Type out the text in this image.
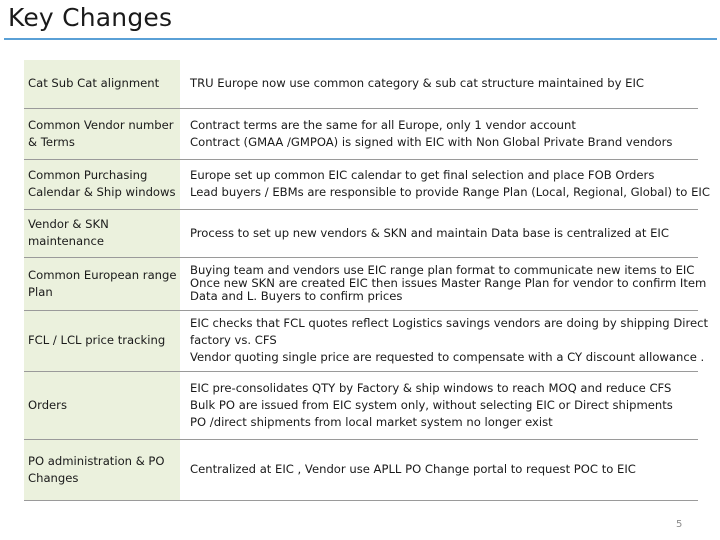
Key Changes
Cat Sub Cat alignment	TRU Europe now use common category & sub cat structure maintained by EIC

Common Vendor number & Terms	Contract terms are the same for all Europe, only 1 vendor account
Contract (GMAA /GMPOA) is signed with EIC with Non Global Private Brand vendors

Common Purchasing Calendar & Ship windows	Europe set up common EIC calendar to get final selection and place FOB Orders
Lead buyers / EBMs are responsible to provide Range Plan (Local, Regional, Global) to EIC

Vendor & SKN maintenance	Process to set up new vendors & SKN and maintain Data base is centralized at EIC

Common European range Plan	Buying team and vendors use EIC range plan format to communicate new items to EIC
Once new SKN are created EIC then issues Master Range Plan for vendor to confirm Item
Data and L. Buyers to confirm prices

FCL / LCL price tracking	EIC checks that FCL quotes reflect Logistics savings vendors are doing by shipping Direct
factory vs. CFS
Vendor quoting single price are requested to compensate with a CY discount allowance .

Orders	EIC pre-consolidates QTY by Factory & ship windows to reach MOQ and reduce CFS
Bulk PO are issued from EIC system only, without selecting EIC or Direct shipments
PO /direct shipments from local market system no longer exist

PO administration & PO Changes	Centralized at EIC , Vendor use APLL PO Change portal to request POC to EIC
5
